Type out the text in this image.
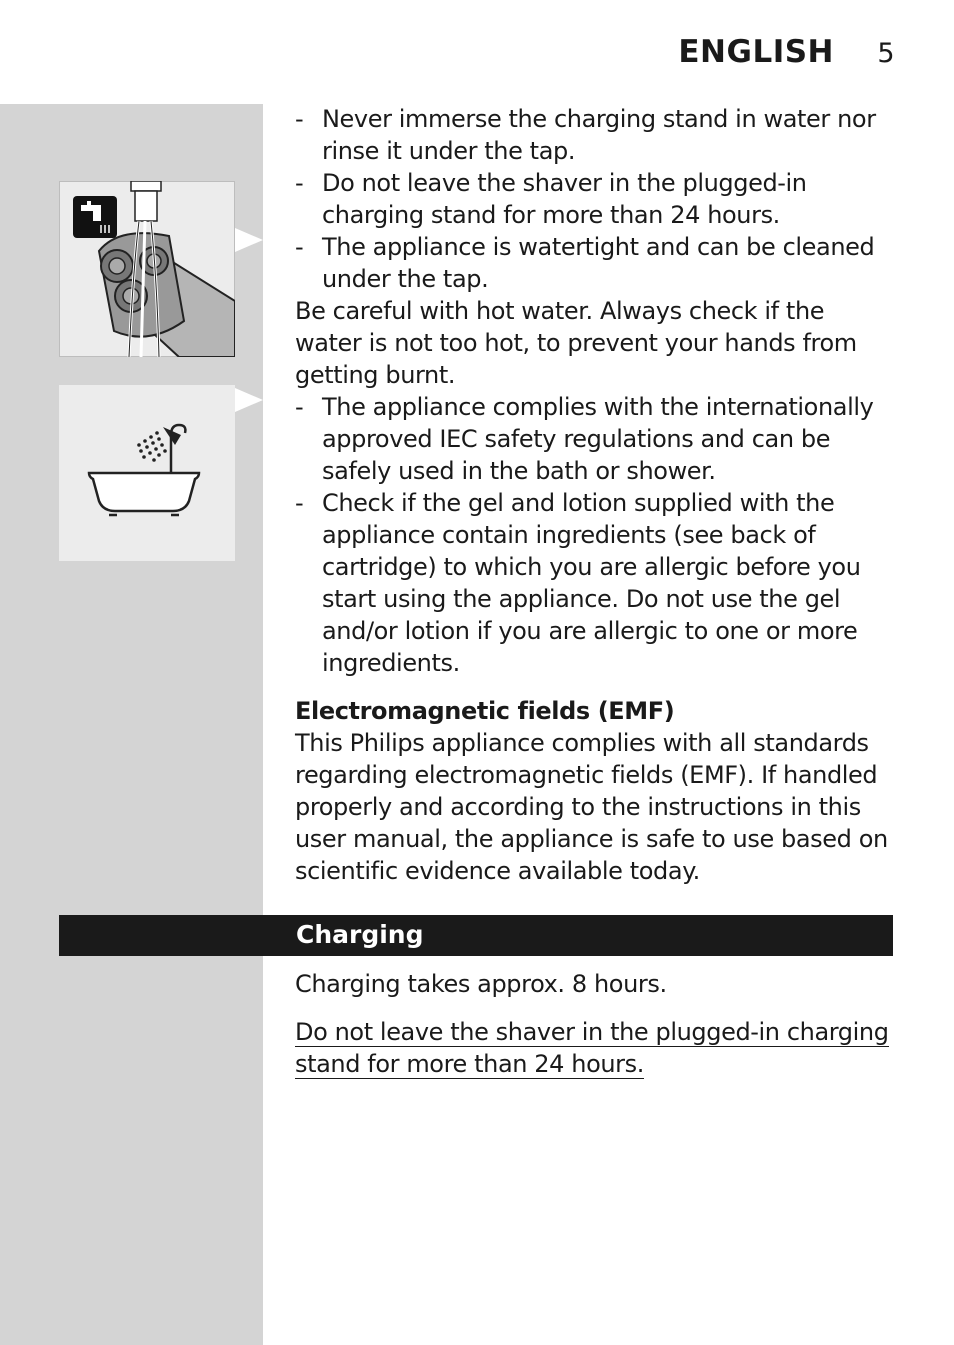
ENGLISH 5

- Never immerse the charging stand in water nor rinse it under the tap.

- Do not leave the shaver in the plugged-in charging stand for more than 24 hours.

- The appliance is watertight and can be cleaned under the tap.

Be careful with hot water. Always check if the water is not too hot, to prevent your hands from getting burnt.

- The appliance complies with the internationally approved IEC safety regulations and can be safely used in the bath or shower.

- Check if the gel and lotion supplied with the appliance contain ingredients (see back of cartridge) to which you are allergic before you start using the appliance. Do not use the gel and/or lotion if you are allergic to one or more ingredients.

Electromagnetic fields (EMF)

This Philips appliance complies with all standards regarding electromagnetic fields (EMF). If handled properly and according to the instructions in this user manual, the appliance is safe to use based on scientific evidence available today.

Charging
Charging takes approx. 8 hours.
Do not leave the shaver in the plugged-in charging stand for more than 24 hours.
